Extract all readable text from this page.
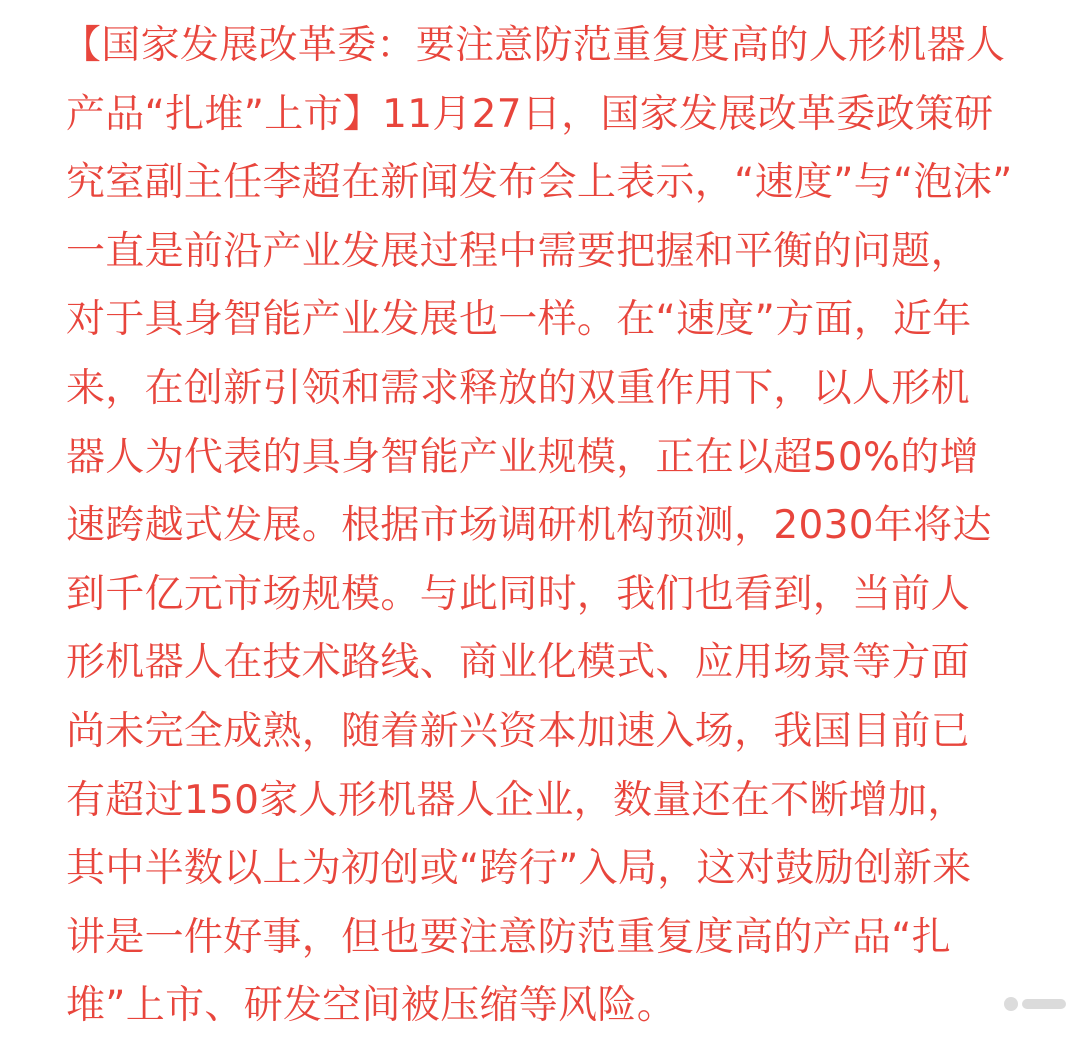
【国家发展改革委：要注意防范重复度高的人形机器人
产品“扎堆”上市】11月27日，国家发展改革委政策研
究室副主任李超在新闻发布会上表示，“速度”与“泡沫”
一直是前沿产业发展过程中需要把握和平衡的问题，
对于具身智能产业发展也一样。在“速度”方面，近年
来，在创新引领和需求释放的双重作用下，以人形机
器人为代表的具身智能产业规模，正在以超50%的增
速跨越式发展。根据市场调研机构预测，2030年将达
到千亿元市场规模。与此同时，我们也看到，当前人
形机器人在技术路线、商业化模式、应用场景等方面
尚未完全成熟，随着新兴资本加速入场，我国目前已
有超过150家人形机器人企业，数量还在不断增加，
其中半数以上为初创或“跨行”入局，这对鼓励创新来
讲是一件好事，但也要注意防范重复度高的产品“扎
堆”上市、研发空间被压缩等风险。
